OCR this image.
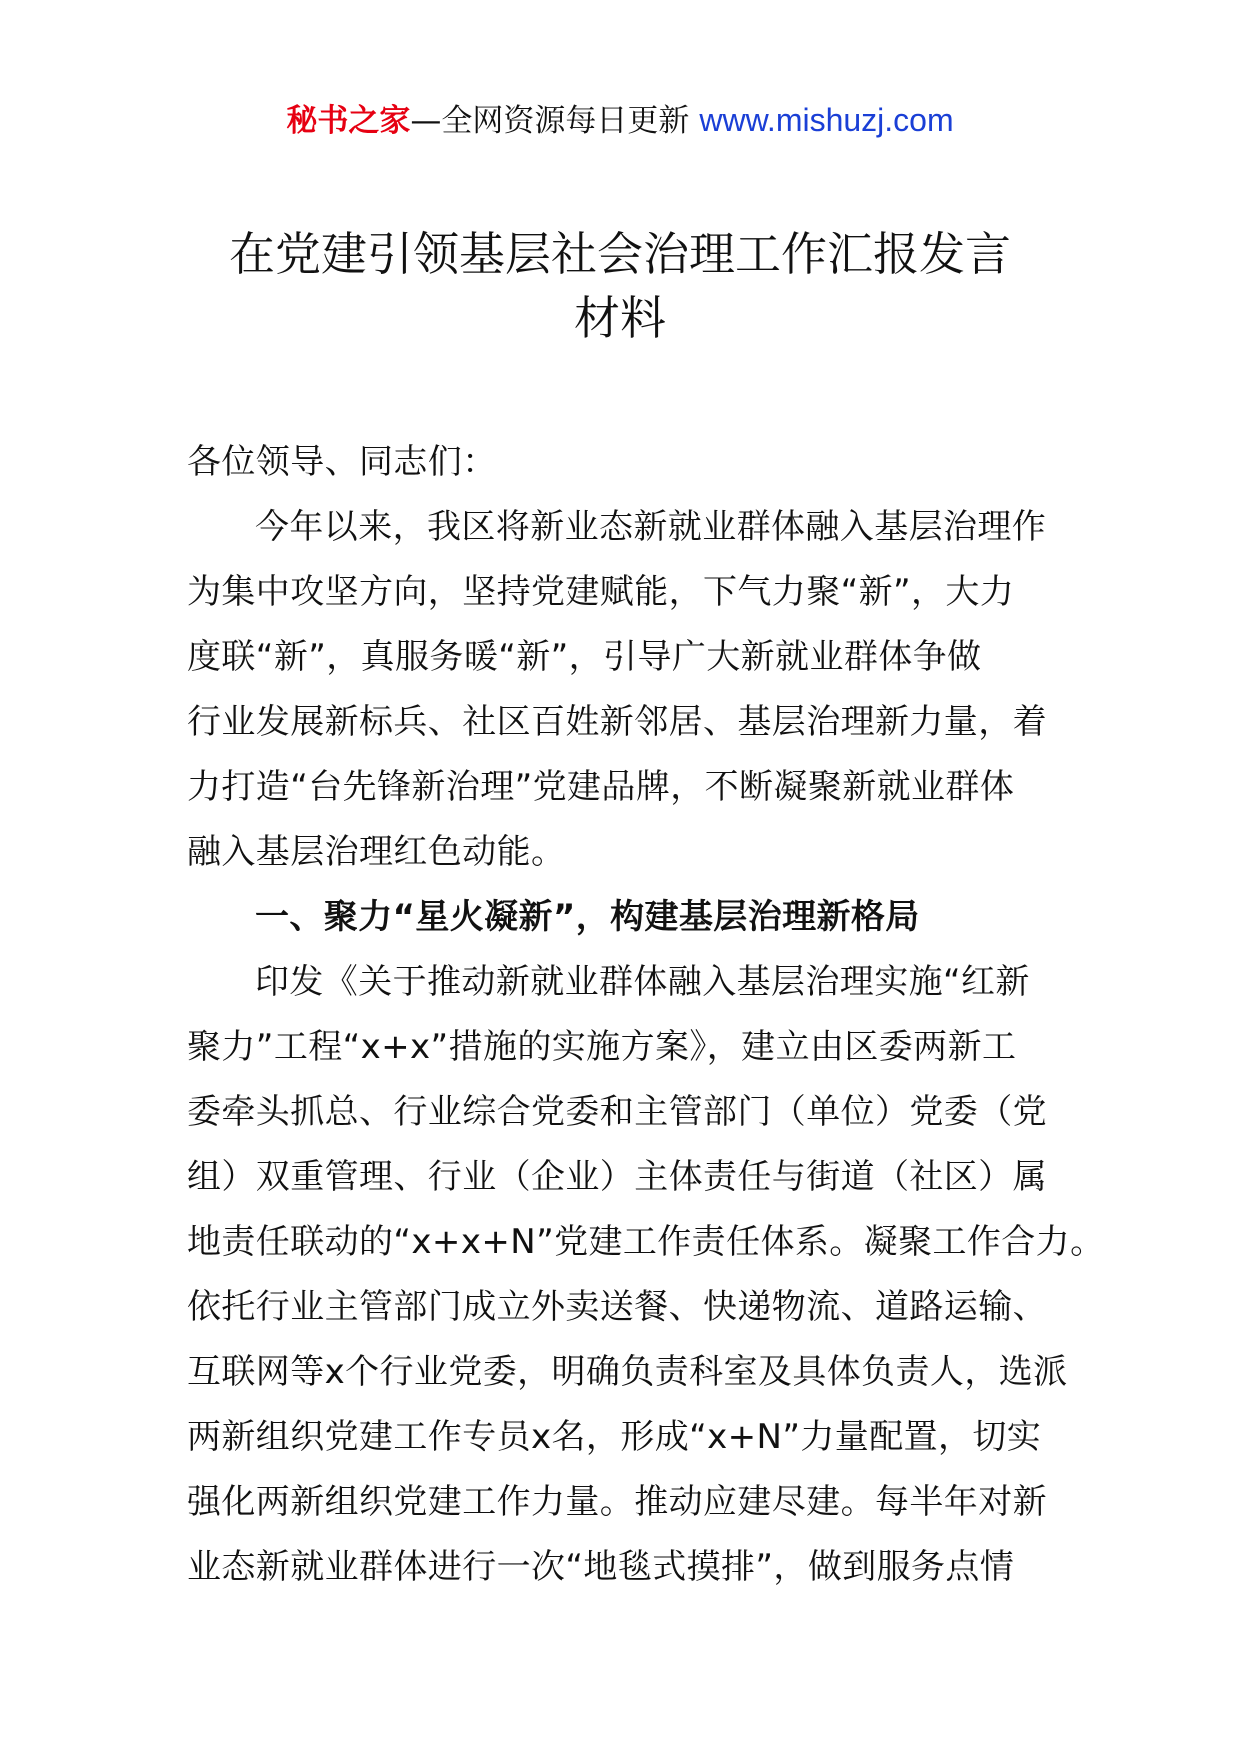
秘书之家—全网资源每日更新 www.mishuzj.com
在党建引领基层社会治理工作汇报发言
材料
各位领导、同志们：
今年以来，我区将新业态新就业群体融入基层治理作
为集中攻坚方向，坚持党建赋能，下气力聚“新”，大力
度联“新”，真服务暖“新”，引导广大新就业群体争做
行业发展新标兵、社区百姓新邻居、基层治理新力量，着
力打造“台先锋新治理”党建品牌，不断凝聚新就业群体
融入基层治理红色动能。
一、聚力“星火凝新”，构建基层治理新格局
印发《关于推动新就业群体融入基层治理实施“红新
聚力”工程“x+x”措施的实施方案》，建立由区委两新工
委牵头抓总、行业综合党委和主管部门（单位）党委（党
组）双重管理、行业（企业）主体责任与街道（社区）属
地责任联动的“x+x+N”党建工作责任体系。凝聚工作合力。
依托行业主管部门成立外卖送餐、快递物流、道路运输、
互联网等x个行业党委，明确负责科室及具体负责人，选派
两新组织党建工作专员x名，形成“x+N”力量配置，切实
强化两新组织党建工作力量。推动应建尽建。每半年对新
业态新就业群体进行一次“地毯式摸排”，做到服务点情
